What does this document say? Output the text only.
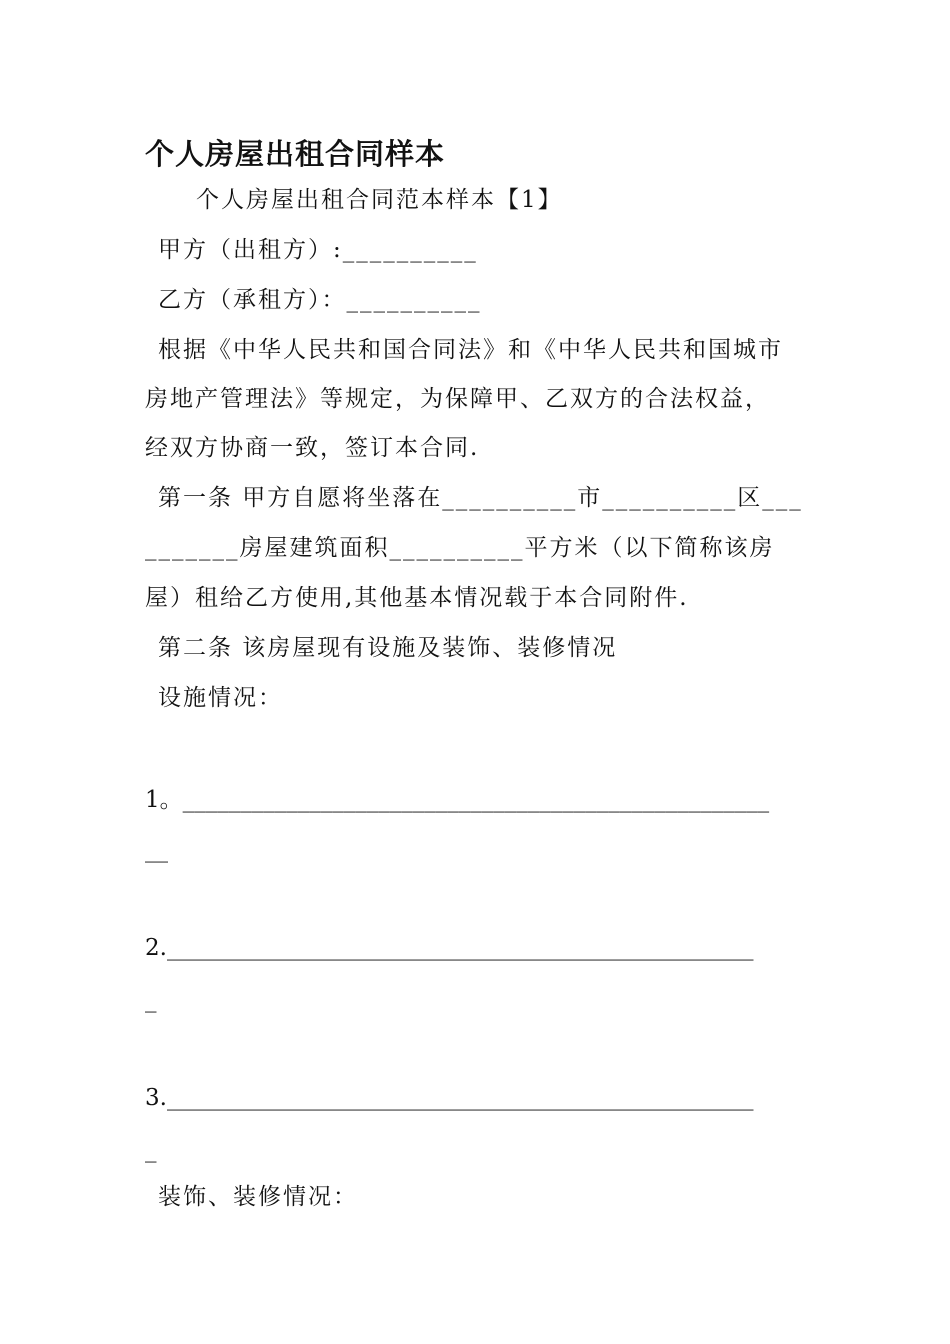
个人房屋出租合同样本
个人房屋出租合同范本样本【1】
甲方（出租方）:__________
乙方（承租方）：__________
根据《中华人民共和国合同法》和《中华人民共和国城市
房地产管理法》等规定，为保障甲、乙双方的合法权益，
经双方协商一致，签订本合同.
第一条 甲方自愿将坐落在__________市__________区___
_______房屋建筑面积__________平方米（以下简称该房
屋）租给乙方使用,其他基本情况载于本合同附件.
第二条 该房屋现有设施及装饰、装修情况
设施情况：
1。___________________________________________________
__
2.___________________________________________________
_
3.___________________________________________________
_
装饰、装修情况：
